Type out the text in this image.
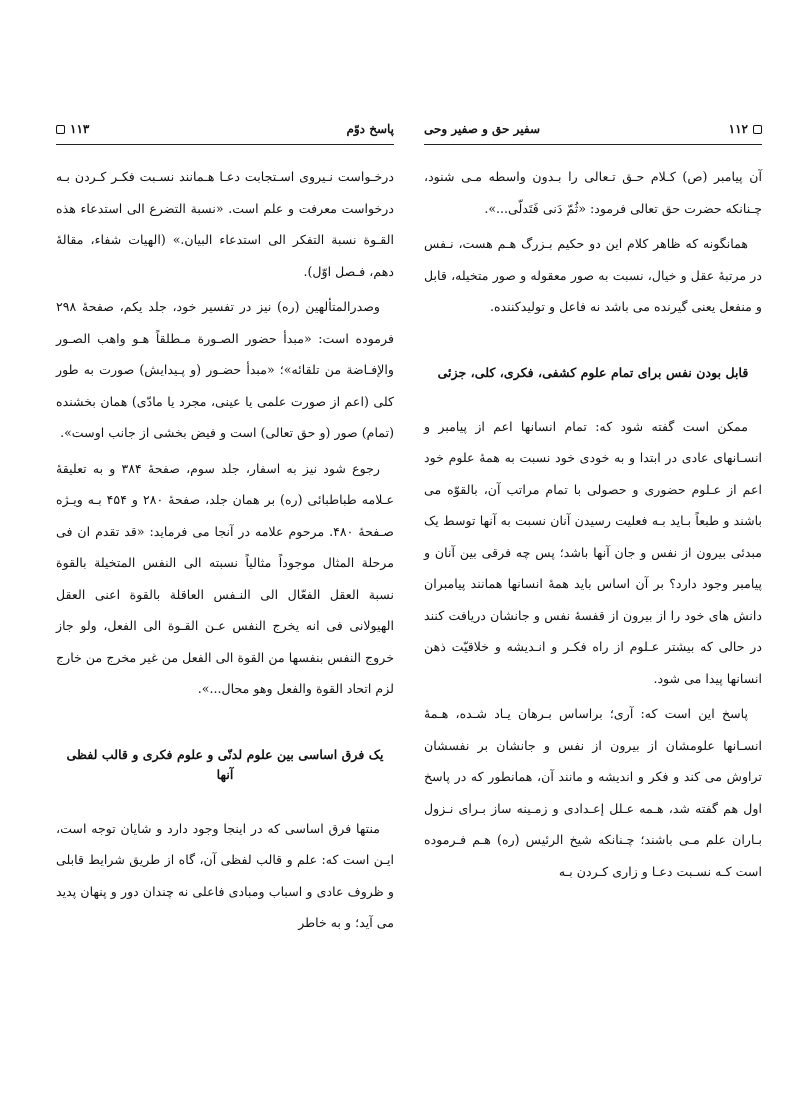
پاسخ دوّم
۱۱۳

درخـواست نـیروی اسـتجابت دعـا هـمانند نسـبت فكـر كـردن بـه درخواست معرفت و علم است. «نسبة التضرع الى استدعاء هذه القـوة نسبة التفكر الى استدعاء البيان.» (الهيات شفاء، مقالهٔ دهم، فـصل اوّل).

وصدرالمتألهين (ره) نيز در تفسير خود، جلد يكم، صفحهٔ ۲۹۸ فرموده است: «مبدأ حضور الصـورة مـطلقاً هـو واهب الصـور والإفـاضة من تلقائه»؛ «مبدأ حضـور (و پـيدايش) صورت به طور كلى (اعم از صورت علمى يا عينى، مجرد يا مادّى) همان بخشنده (تمام) صور (و حق تعالى) است و فيض بخشى از جانب اوست».

رجوع شود نيز به اسفار، جلد سوم، صفحهٔ ۳۸۴ و به تعليقهٔ عـلامه طباطبائى (ره) بر همان جلد، صفحهٔ ۲۸۰ و ۴۵۴ بـه ويـژه صـفحهٔ ۴۸۰. مرحوم علامه در آنجا مى فرمايد: «قد تقدم ان فى مرحلة المثال موجوداً مثالياً نسبته الى النفس المتخيلة بالقوة نسبة العقل الفعّال الى النـفس العاقلة بالقوة اعنى العقل الهيولانى فى انه يخرج النفس عـن القـوة الى الفعل، ولو جاز خروج النفس بنفسها من القوة الى الفعل من غير مخرج من خارج لزم اتحاد القوة والفعل وهو محال...».

يک فرق اساسى بين علوم لدنّى و علوم فكرى و قالب لفظى آنها

منتها فرق اساسى كه در اينجا وجود دارد و شايان توجه است، ايـن است كه: علم و قالب لفظى آن، گاه از طريق شرايط قابلى و ظروف عادى و اسباب ومبادى فاعلى نه چندان دور و پنهان پديد مى آيد؛ و به خاطر

۱۱۲
سفير حق و صفير وحى

آن پيامبر (ص) كـلام حـق تـعالى را بـدون واسطه مـى شنود، چـنانكه حضرت حق تعالى فرمود: «ثُمّ دَنى فَتَدلّى...».

همانگونه كه ظاهر كلام اين دو حكيم بـزرگ هـم هست، نـفس در مرتبهٔ عقل و خيال، نسبت به صور معقوله و صور متخيله، قابل و منفعل يعنى گيرنده مى باشد نه فاعل و توليدكننده.

قابل بودن نفس براى تمام علوم كشفى، فكرى، كلى، جزئى

ممكن است گفته شود كه: تمام انسانها اعم از پيامبر و انسـانهاى عادى در ابتدا و به خودى خود نسبت به همهٔ علوم خود اعم از عـلوم حضورى و حصولى با تمام مراتب آن، بالقوّه مى باشند و طبعاً بـايد بـه فعليت رسيدن آنان نسبت به آنها توسط يک مبدئى بيرون از نفس و جان آنها باشد؛ پس چه فرقى بين آنان و پيامبر وجود دارد؟ بر آن اساس بايد همهٔ انسانها همانند پيامبران دانش هاى خود را از بيرون از قفسهٔ نفس و جانشان دريافت كنند در حالى كه بيشتر عـلوم از راه فكـر و انـديشه و خلاقيّت ذهن انسانها پيدا مى شود.

پاسخ اين است كه: آرى؛ براساس بـرهان يـاد شـده، هـمهٔ انسـانها علومشان از بيرون از نفس و جانشان بر نفسشان تراوش مى كند و فكر و انديشه و مانند آن، همانطور كه در پاسخ اول هم گفته شد، هـمه عـلل إعـدادى و زمـينه ساز بـراى نـزول بـاران علم مـى باشند؛ چـنانكه شيخ الرئيس (ره) هـم فـرموده است كـه نسـبت دعـا و زارى كـردن بـه
